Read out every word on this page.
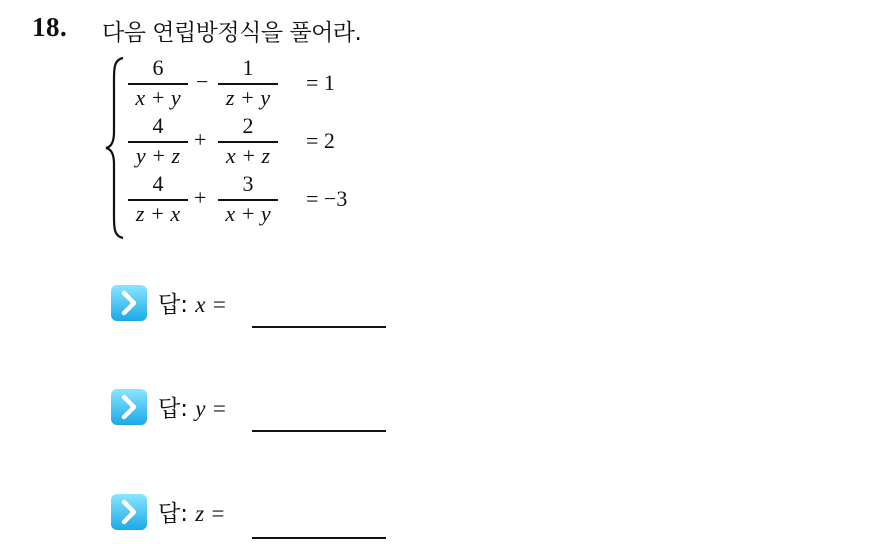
18. 다음 연립방정식을 풀어라.
6
x + y
−
1
z + y
= 1
4
y + z
+
2
x + z
= 2
4
z + x
+
3
x + y
= −3
답: x =
답: y =
답: z =
